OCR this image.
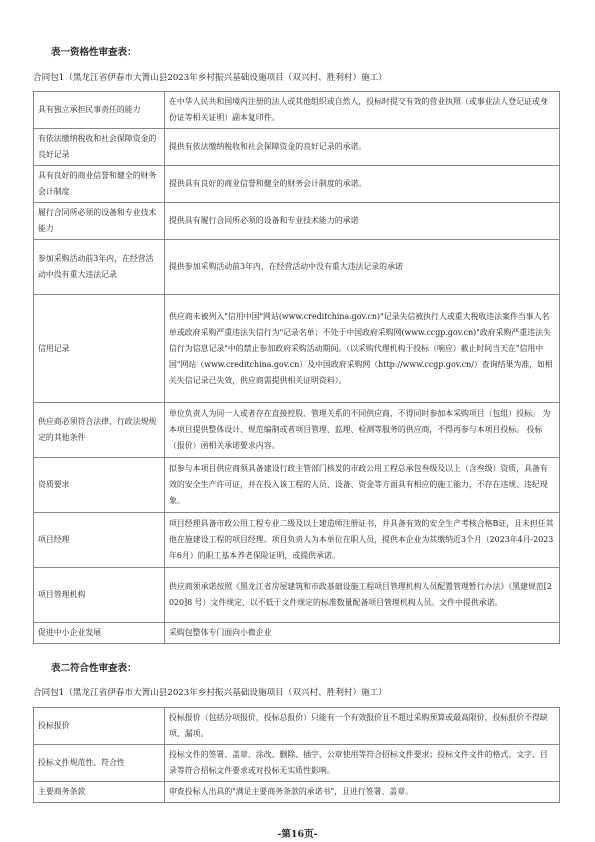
表一资格性审查表：
合同包1（黑龙江省伊春市大箐山县2023年乡村振兴基础设施项目（双兴村、胜利村）施工）
具有独立承担民事责任的能力	在中华人民共和国境内注册的法人或其他组织或自然人，投标时提交有效的营业执照（或事业法人登记证或身份证等相关证明）副本复印件。
有依法缴纳税收和社会保障资金的良好记录	提供有依法缴纳税收和社会保障资金的良好记录的承诺。
具有良好的商业信誉和健全的财务会计制度	提供具有良好的商业信誉和健全的财务会计制度的承诺。
履行合同所必须的设备和专业技术能力	提供具有履行合同所必须的设备和专业技术能力的承诺
参加采购活动前3年内，在经营活动中没有重大违法记录	提供参加采购活动前3年内，在经营活动中没有重大违法记录的承诺
信用记录	供应商未被列入"信用中国"网站(www.creditchina.gov.cn)"记录失信被执行人或重大税收违法案件当事人名单或政府采购严重违法失信行为"记录名单；不处于中国政府采购网(www.ccgp.gov.cn)"政府采购严重违法失信行为信息记录"中的禁止参加政府采购活动期间。（以采购代理机构于投标（响应）截止时间当天在"信用中国"网站（www.creditchina.gov.cn）及中国政府采购网（http://www.ccgp.gov.cn/）查询结果为准，如相关失信记录已失效，供应商需提供相关证明资料）。
供应商必须符合法律、行政法规规定的其他条件	单位负责人为同一人或者存在直接控股、管理关系的不同供应商，不得同时参加本采购项目（包组）投标。 为本项目提供整体设计、规范编制或者项目管理、监理、检测等服务的供应商，不得再参与本项目投标。 投标（报价）函相关承诺要求内容。
资质要求	拟参与本项目供应商须具备建设行政主管部门核发的市政公用工程总承包叁级及以上（含叁级）资质，具备有效的安全生产许可证，并在投入该工程的人员、设备、资金等方面具有相应的施工能力，不存在违规、违纪现象。
项目经理	项目经理具备市政公用工程专业二级及以上建造师注册证书，并具备有效的安全生产考核合格B证，且未担任其他在施建设工程的项目经理。项目负责人为本单位在职人员，提供本企业为其缴纳近3个月（2023年4月-2023年6月）的职工基本养老保险证明，或提供承诺。
项目管理机构	供应商须承诺按照《黑龙江省房屋建筑和市政基础设施工程项目管理机构人员配置管理暂行办法》（黑建规范[2020]8 号）文件规定，以不低于文件规定的标准数量配备项目管理机构人员。文件中提供承诺。
促进中小企业发展	采购包整体专门面向小微企业
表二符合性审查表：
合同包1（黑龙江省伊春市大箐山县2023年乡村振兴基础设施项目（双兴村、胜利村）施工）
投标报价	投标报价（包括分项报价，投标总报价）只能有一个有效报价且不超过采购预算或最高限价，投标报价不得缺项、漏项。
投标文件规范性、符合性	投标文件的签署、盖章、涂改、删除、插字、公章使用等符合招标文件要求；投标文件文件的格式、文字、目录等符合招标文件要求或对投标无实质性影响。
主要商务条款	审查投标人出具的"满足主要商务条款的承诺书"，且进行签署、盖章。
-第16页-
